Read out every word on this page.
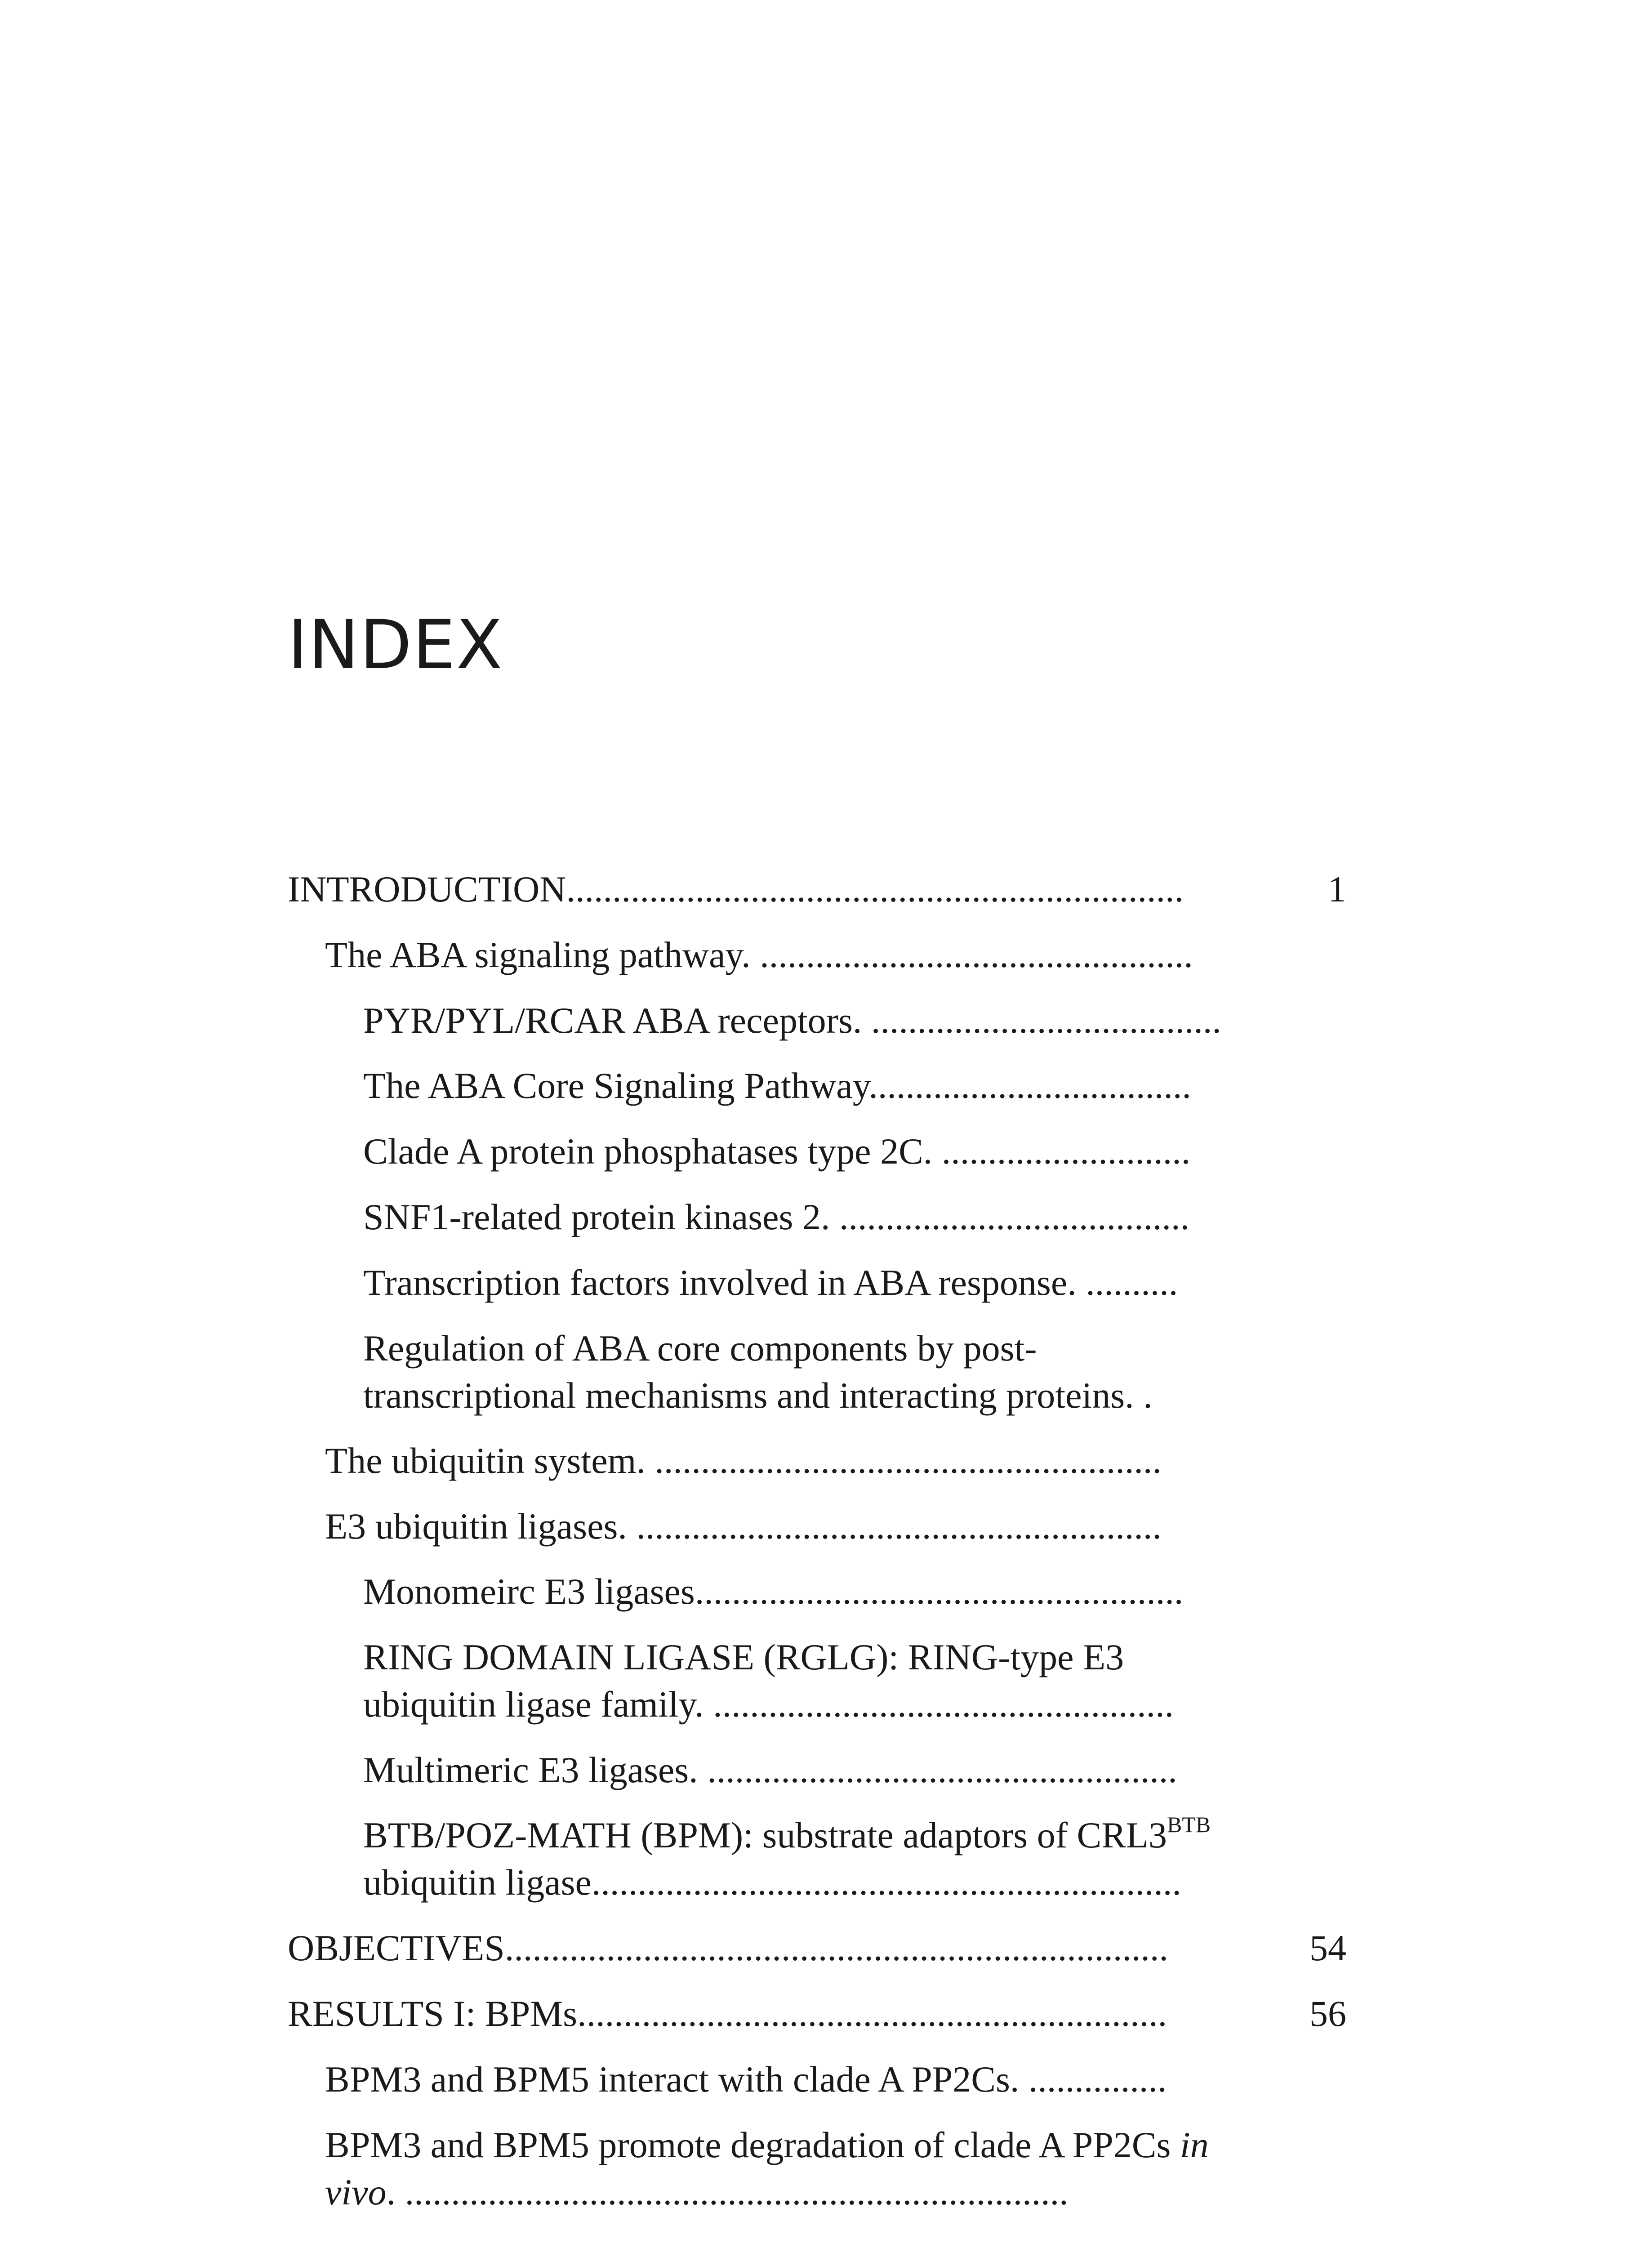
INDEX
INTRODUCTION...................................................................	1
The ABA signaling pathway. ...............................................
PYR/PYL/RCAR ABA receptors. ......................................
The ABA Core Signaling Pathway...................................
Clade A protein phosphatases type 2C. ...........................
SNF1-related protein kinases 2. ......................................
Transcription factors involved in ABA response. ..........
Regulation of ABA core components by post-
transcriptional mechanisms and interacting proteins. .
The ubiquitin system. .......................................................
E3 ubiquitin ligases. .........................................................
Monomeirc E3 ligases.....................................................
RING DOMAIN LIGASE (RGLG): RING-type E3
ubiquitin ligase family. ..................................................
Multimeric E3 ligases. ...................................................
BTB/POZ-MATH (BPM): substrate adaptors of $CRL3^{BTB}$
ubiquitin ligase................................................................
OBJECTIVES........................................................................	54
RESULTS I: BPMs................................................................	56
BPM3 and BPM5 interact with clade A PP2Cs. ...............
BPM3 and BPM5 promote degradation of clade A PP2Cs in
vivo. ........................................................................
